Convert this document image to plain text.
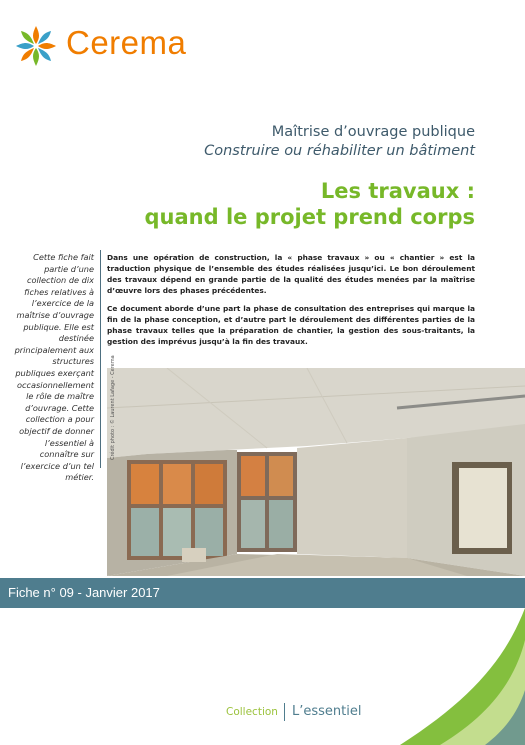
Cerema
Maîtrise d’ouvrage publique
Construire ou réhabiliter un bâtiment
Les travaux :
quand le projet prend corps
Cette fiche fait partie d’une collection de dix fiches relatives à l’exercice de la maîtrise d’ouvrage publique. Elle est destinée principalement aux structures publiques exerçant occasionnellement le rôle de maître d’ouvrage. Cette collection a pour objectif de donner l’essentiel à connaître sur l’exercice d’un tel métier.

Dans une opération de construction, la « phase travaux » ou « chantier » est la traduction physique de l’ensemble des études réalisées jusqu’ici. Le bon déroulement des travaux dépend en grande partie de la qualité des études menées par la maîtrise d’œuvre lors des phases précédentes.

Ce document aborde d’une part la phase de consultation des entreprises qui marque la fin de la phase conception, et d’autre part le déroulement des différentes parties de la phase travaux telles que la préparation de chantier, la gestion des sous-traitants, la gestion des imprévus jusqu’à la fin des travaux.

Crédit photo : © Laurent Lafage - Cerema
Fiche n° 09 - Janvier 2017
Collection L’essentiel
